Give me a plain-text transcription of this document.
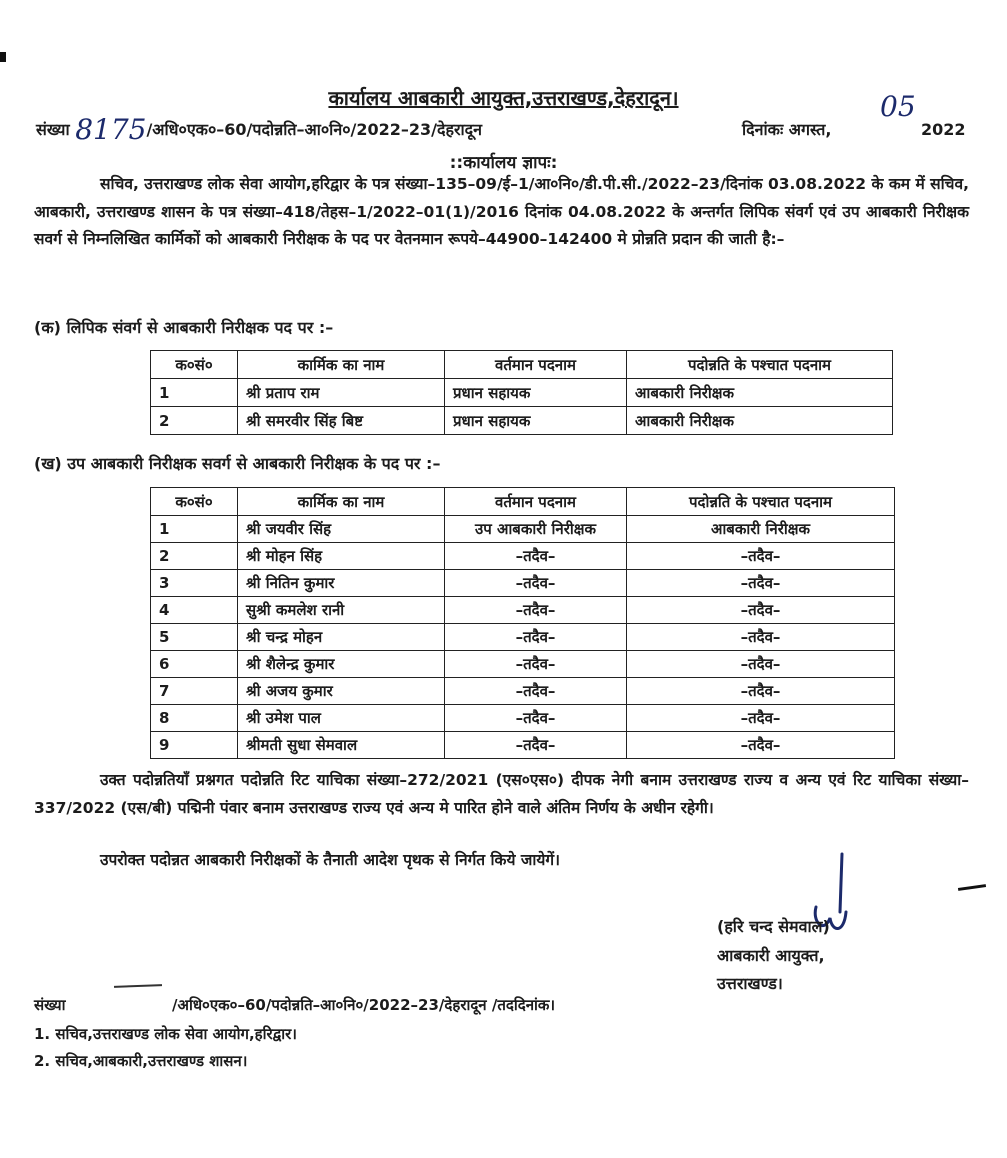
कार्यालय आबकारी आयुक्त,उत्तराखण्ड,देहरादून।
संख्या 8175/अधि०एक०–60/पदोन्नति–आ०नि०/2022–23/देहरादून	दिनांकः अगस्त,
05
2022
::कार्यालय ज्ञापः:
सचिव, उत्तराखण्ड लोक सेवा आयोग,हरिद्वार के पत्र संख्या–135–09/ई–1/आ०नि०/डी.पी.सी./2022–23/दिनांक 03.08.2022 के कम में सचिव, आबकारी, उत्तराखण्ड शासन के पत्र संख्या–418/तेहस–1/2022–01(1)/2016 दिनांक 04.08.2022 के अन्तर्गत लिपिक संवर्ग एवं उप आबकारी निरीक्षक सवर्ग से निम्नलिखित कार्मिकों को आबकारी निरीक्षक के पद पर वेतनमान रूपये–44900–142400 मे प्रोन्नति प्रदान की जाती है:–
(क) लिपिक संवर्ग से आबकारी निरीक्षक पद पर :–
क०सं०	कार्मिक का नाम	वर्तमान पदनाम	पदोन्नति के पश्चात पदनाम
1	श्री प्रताप राम	प्रधान सहायक	आबकारी निरीक्षक
2	श्री समरवीर सिंह बिष्ट	प्रधान सहायक	आबकारी निरीक्षक
(ख) उप आबकारी निरीक्षक सवर्ग से आबकारी निरीक्षक के पद पर :–
क०सं०	कार्मिक का नाम	वर्तमान पदनाम	पदोन्नति के पश्चात पदनाम
1	श्री जयवीर सिंह	उप आबकारी निरीक्षक	आबकारी निरीक्षक
2	श्री मोहन सिंह	–तदैव–	–तदैव–
3	श्री नितिन कुमार	–तदैव–	–तदैव–
4	सुश्री कमलेश रानी	–तदैव–	–तदैव–
5	श्री चन्द्र मोहन	–तदैव–	–तदैव–
6	श्री शैलेन्द्र कुमार	–तदैव–	–तदैव–
7	श्री अजय कुमार	–तदैव–	–तदैव–
8	श्री उमेश पाल	–तदैव–	–तदैव–
9	श्रीमती सुधा सेमवाल	–तदैव–	–तदैव–
उक्त पदोन्नतियॉं प्रश्नगत पदोन्नति रिट याचिका संख्या–272/2021 (एस०एस०) दीपक नेगी बनाम उत्तराखण्ड राज्य व अन्य एवं रिट याचिका संख्या–337/2022 (एस/बी) पद्मिनी पंवार बनाम उत्तराखण्ड राज्य एवं अन्य मे पारित होने वाले अंतिम निर्णय के अधीन रहेगी।
उपरोक्त पदोन्नत आबकारी निरीक्षकों के तैनाती आदेश पृथक से निर्गत किये जायेगें।
(हरि चन्द सेमवाल)
आबकारी आयुक्त,
उत्तराखण्ड।
संख्या	/अधि०एक०–60/पदोन्नति–आ०नि०/2022–23/देहरादून /तददिनांक।
1. सचिव,उत्तराखण्ड लोक सेवा आयोग,हरिद्वार।
2. सचिव,आबकारी,उत्तराखण्ड शासन।
